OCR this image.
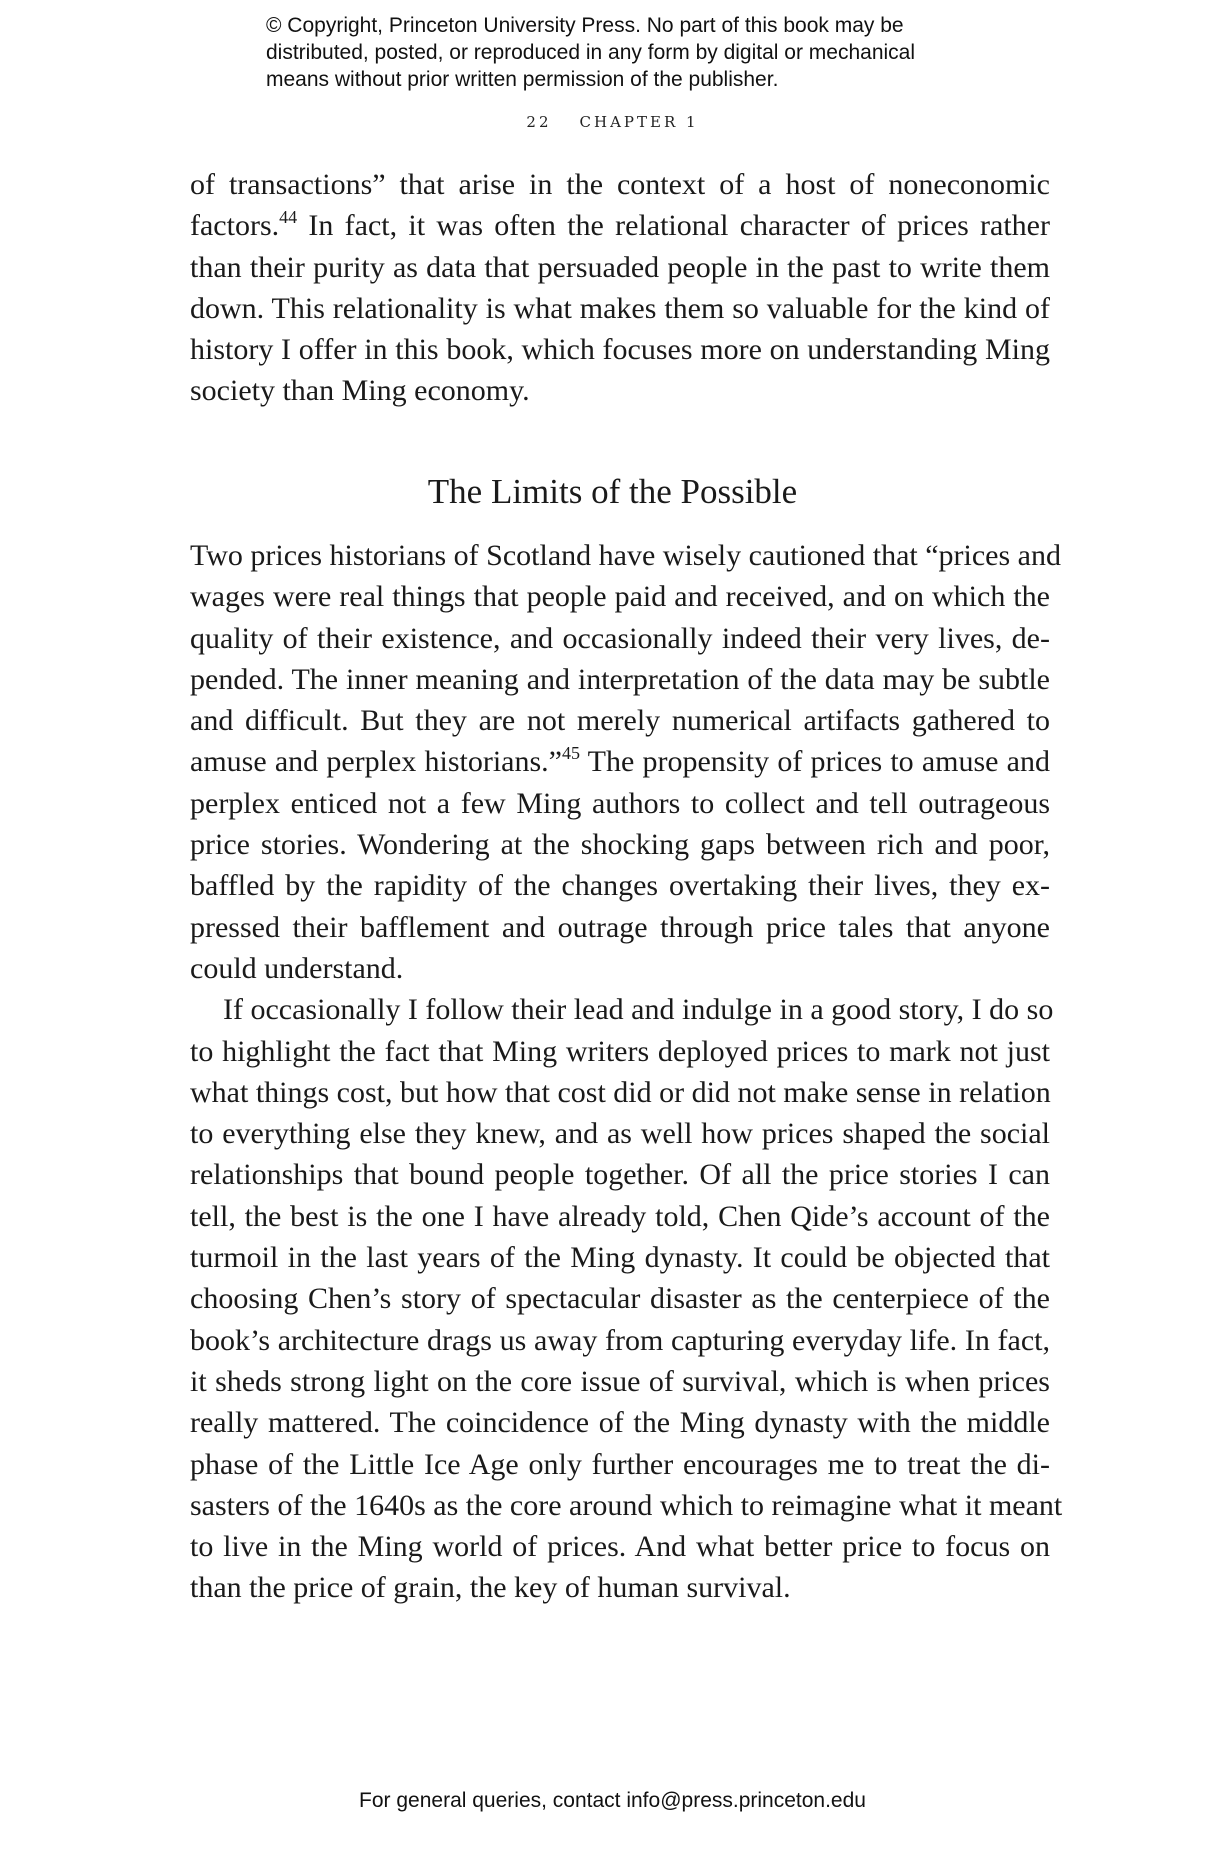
© Copyright, Princeton University Press. No part of this book may be
distributed, posted, or reproduced in any form by digital or mechanical
means without prior written permission of the publisher.
22 CHAPTER 1
of transactions” that arise in the context of a host of noneconomic
factors.$^{44}$ In fact, it was often the relational character of prices rather
than their purity as data that persuaded people in the past to write them
down. This relationality is what makes them so valuable for the kind of
history I offer in this book, which focuses more on understanding Ming
society than Ming economy.
The Limits of the Possible
Two prices historians of Scotland have wisely cautioned that “prices and
wages were real things that people paid and received, and on which the
quality of their existence, and occasionally indeed their very lives, de-
pended. The inner meaning and interpretation of the data may be subtle
and difficult. But they are not merely numerical artifacts gathered to
amuse and perplex historians.”$^{45}$ The propensity of prices to amuse and
perplex enticed not a few Ming authors to collect and tell outrageous
price stories. Wondering at the shocking gaps between rich and poor,
baffled by the rapidity of the changes overtaking their lives, they ex-
pressed their bafflement and outrage through price tales that anyone
could understand.
If occasionally I follow their lead and indulge in a good story, I do so
to highlight the fact that Ming writers deployed prices to mark not just
what things cost, but how that cost did or did not make sense in relation
to everything else they knew, and as well how prices shaped the social
relationships that bound people together. Of all the price stories I can
tell, the best is the one I have already told, Chen Qide’s account of the
turmoil in the last years of the Ming dynasty. It could be objected that
choosing Chen’s story of spectacular disaster as the centerpiece of the
book’s architecture drags us away from capturing everyday life. In fact,
it sheds strong light on the core issue of survival, which is when prices
really mattered. The coincidence of the Ming dynasty with the middle
phase of the Little Ice Age only further encourages me to treat the di-
sasters of the 1640s as the core around which to reimagine what it meant
to live in the Ming world of prices. And what better price to focus on
than the price of grain, the key of human survival.
For general queries, contact info@press.princeton.edu
